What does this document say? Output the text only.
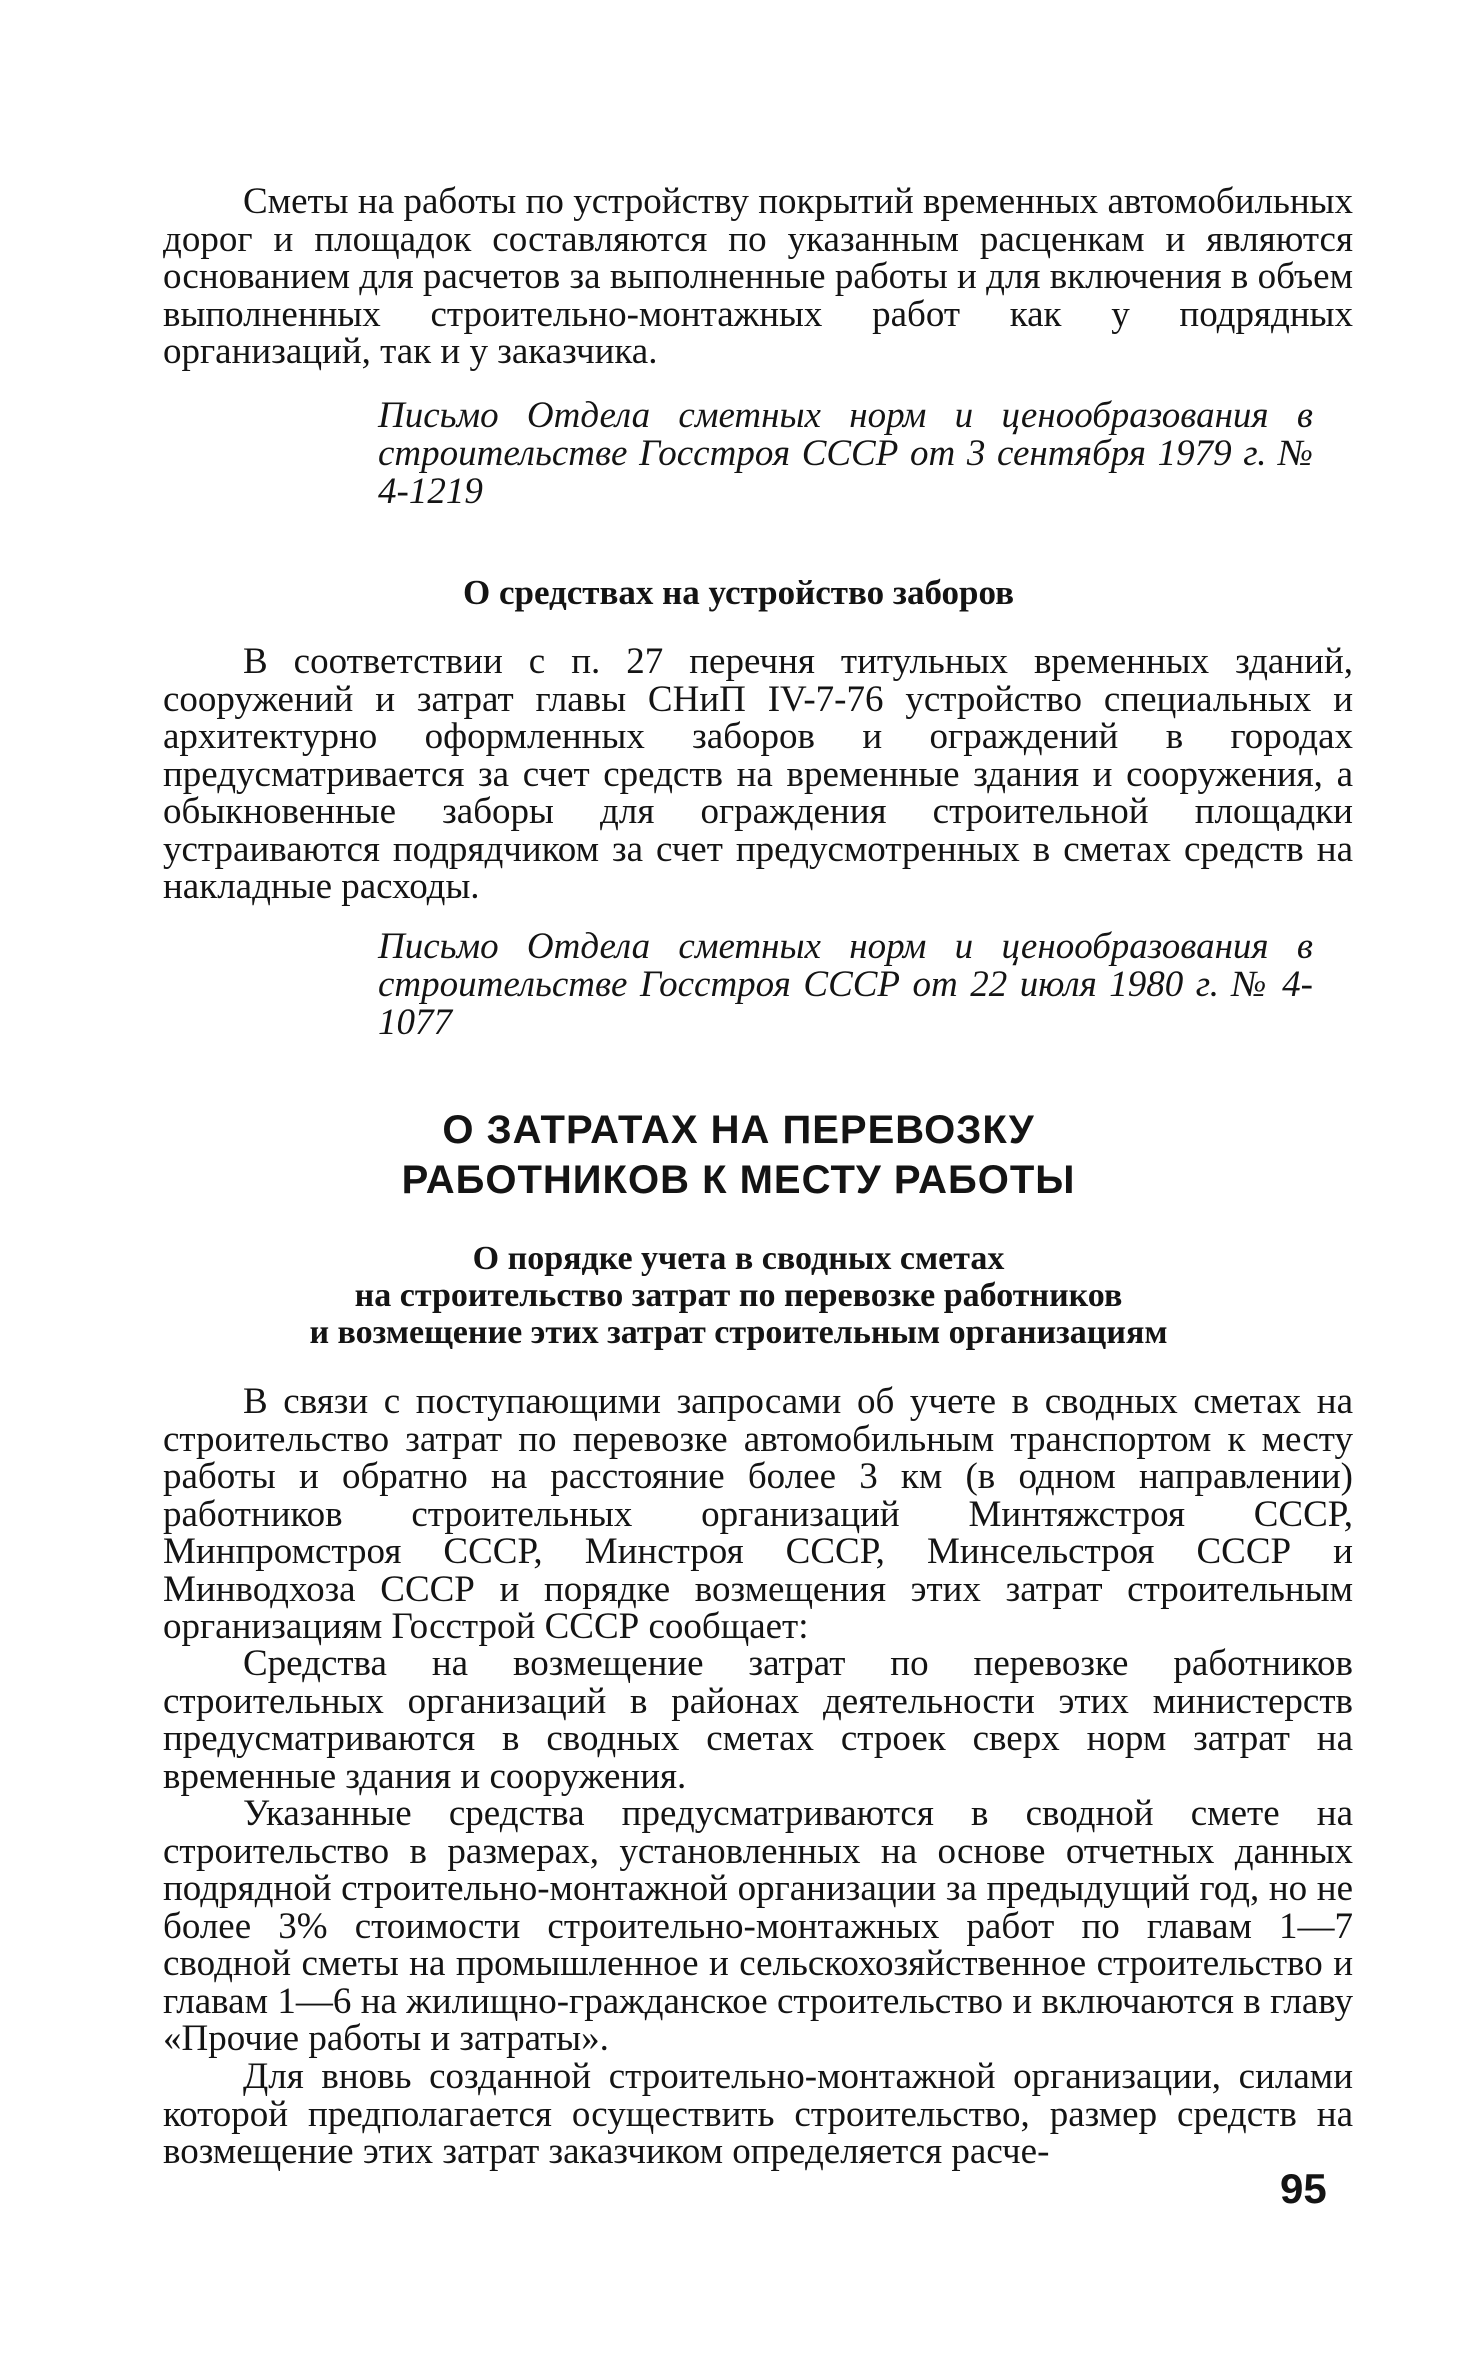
Сметы на работы по устройству покрытий временных автомобильных дорог и площадок составляются по указанным расценкам и являются основанием для расчетов за выполненные работы и для включения в объем выполненных строительно-монтажных работ как у подрядных организаций, так и у заказчика.

Письмо Отдела сметных норм и ценообразования в строительстве Госстроя СССР от 3 сентября 1979 г. № 4-1219

О средствах на устройство заборов

В соответствии с п. 27 перечня титульных временных зданий, сооружений и затрат главы СНиП IV-7-76 устройство специальных и архитектурно оформленных заборов и ограждений в городах предусматривается за счет средств на временные здания и сооружения, а обыкновенные заборы для ограждения строительной площадки устраиваются подрядчиком за счет предусмотренных в сметах средств на накладные расходы.

Письмо Отдела сметных норм и ценообразования в строительстве Госстроя СССР от 22 июля 1980 г. № 4-1077

О ЗАТРАТАХ НА ПЕРЕВОЗКУ
РАБОТНИКОВ К МЕСТУ РАБОТЫ
О порядке учета в сводных сметах
на строительство затрат по перевозке работников
и возмещение этих затрат строительным организациям

В связи с поступающими запросами об учете в сводных сметах на строительство затрат по перевозке автомобильным транспортом к месту работы и обратно на расстояние более 3 км (в одном направлении) работников строительных организаций Минтяжстроя СССР, Минпромстроя СССР, Минстроя СССР, Минсельстроя СССР и Минводхоза СССР и порядке возмещения этих затрат строительным организациям Госстрой СССР сообщает:

Средства на возмещение затрат по перевозке работников строительных организаций в районах деятельности этих министерств предусматриваются в сводных сметах строек сверх норм затрат на временные здания и сооружения.

Указанные средства предусматриваются в сводной смете на строительство в размерах, установленных на основе отчетных данных подрядной строительно-монтажной организации за предыдущий год, но не более 3% стоимости строительно-монтажных работ по главам 1—7 сводной сметы на промышленное и сельскохозяйственное строительство и главам 1—6 на жилищно-гражданское строительство и включаются в главу «Прочие работы и затраты».

Для вновь созданной строительно-монтажной организации, силами которой предполагается осуществить строительство, размер средств на возмещение этих затрат заказчиком определяется расче-

95
